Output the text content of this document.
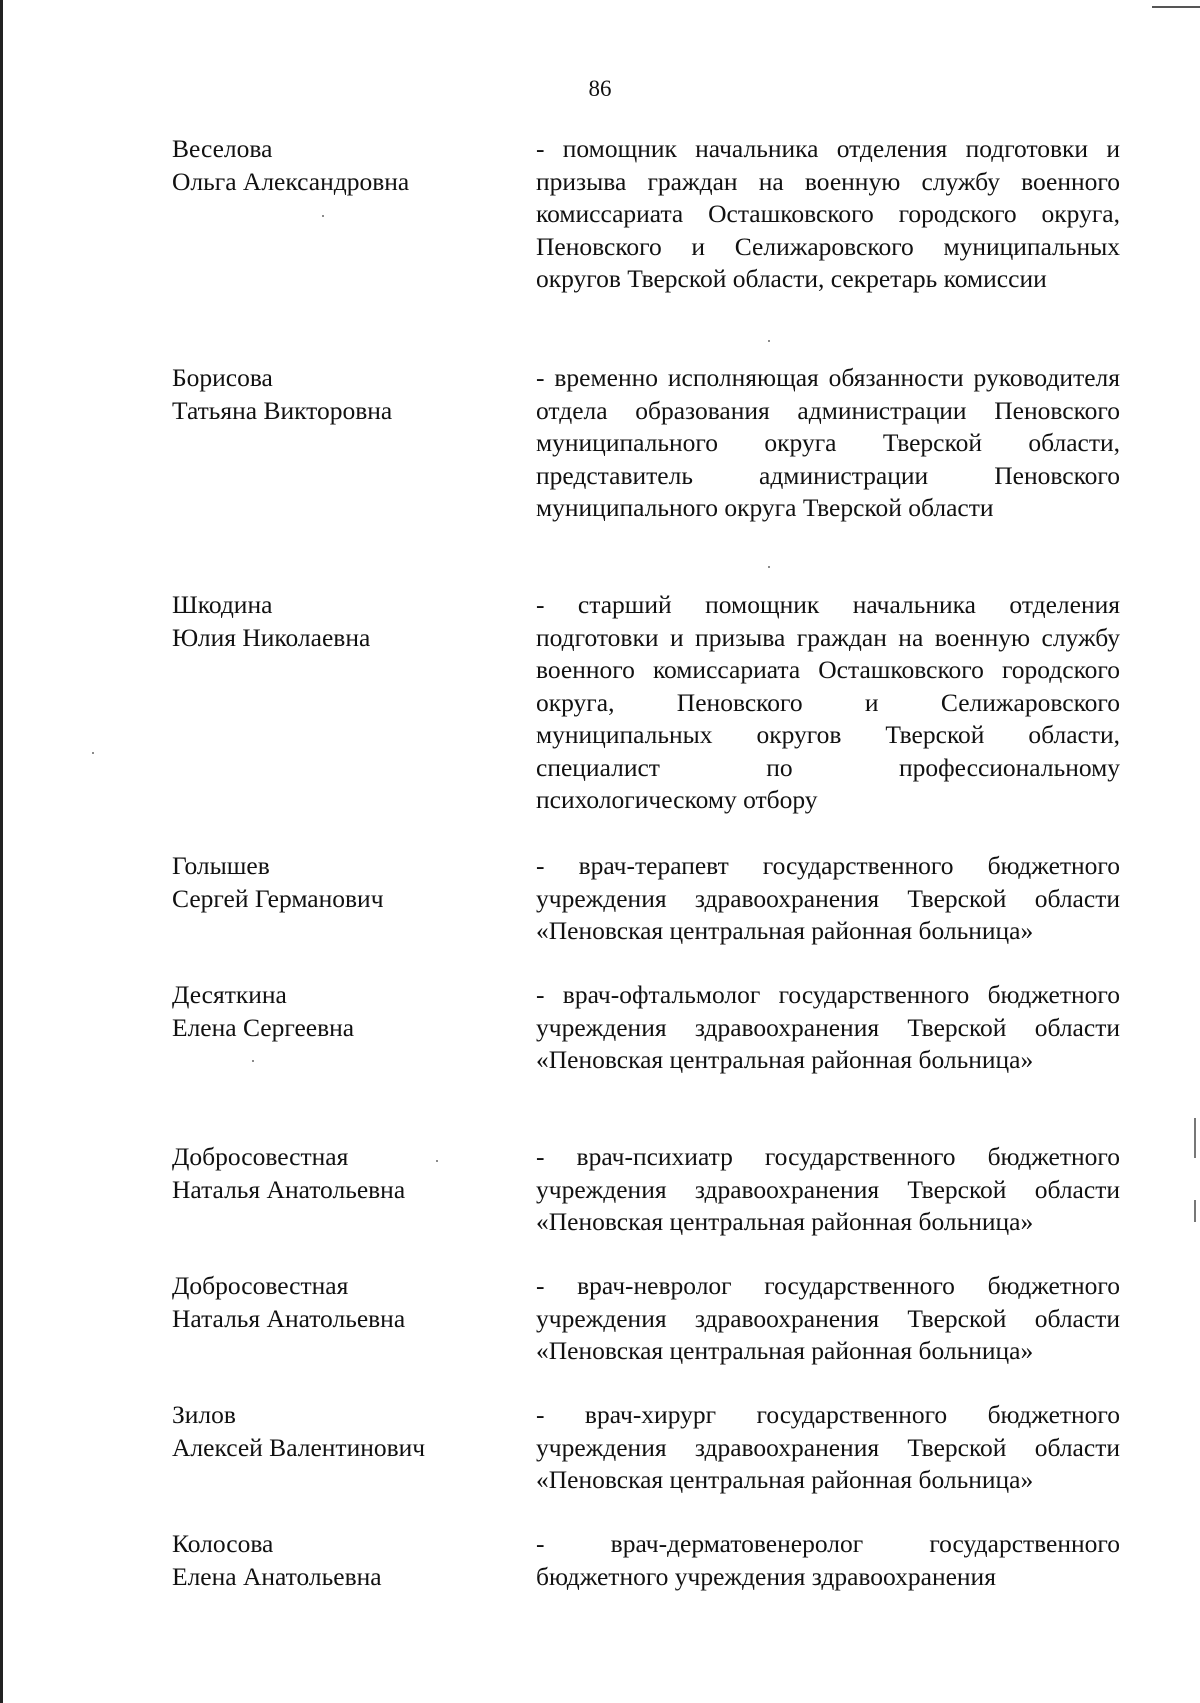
86
Веселова
Ольга Александровна
- помощник начальника отделения подготовки и призыва граждан на военную службу военного комиссариата Осташковского городского округа, Пеновского и Селижаровского муниципальных округов Тверской области, секретарь комиссии
Борисова
Татьяна Викторовна
- временно исполняющая обязанности руководителя отдела образования администрации Пеновского муниципального округа Тверской области, представитель администрации Пеновского муниципального округа Тверской области
Шкодина
Юлия Николаевна
- старший помощник начальника отделения подготовки и призыва граждан на военную службу военного комиссариата Осташковского городского округа, Пеновского и Селижаровского муниципальных округов Тверской области, специалист по профессиональному психологическому отбору
Голышев
Сергей Германович
- врач-терапевт государственного бюджетного учреждения здравоохранения Тверской области «Пеновская центральная районная больница»
Десяткина
Елена Сергеевна
- врач-офтальмолог государственного бюджетного учреждения здравоохранения Тверской области «Пеновская центральная районная больница»
Добросовестная
Наталья Анатольевна
- врач-психиатр государственного бюджетного учреждения здравоохранения Тверской области «Пеновская центральная районная больница»
Добросовестная
Наталья Анатольевна
- врач-невролог государственного бюджетного учреждения здравоохранения Тверской области «Пеновская центральная районная больница»
Зилов
Алексей Валентинович
- врач-хирург государственного бюджетного учреждения здравоохранения Тверской области «Пеновская центральная районная больница»
Колосова
Елена Анатольевна
- врач-дерматовенеролог государственного бюджетного учреждения здравоохранения
